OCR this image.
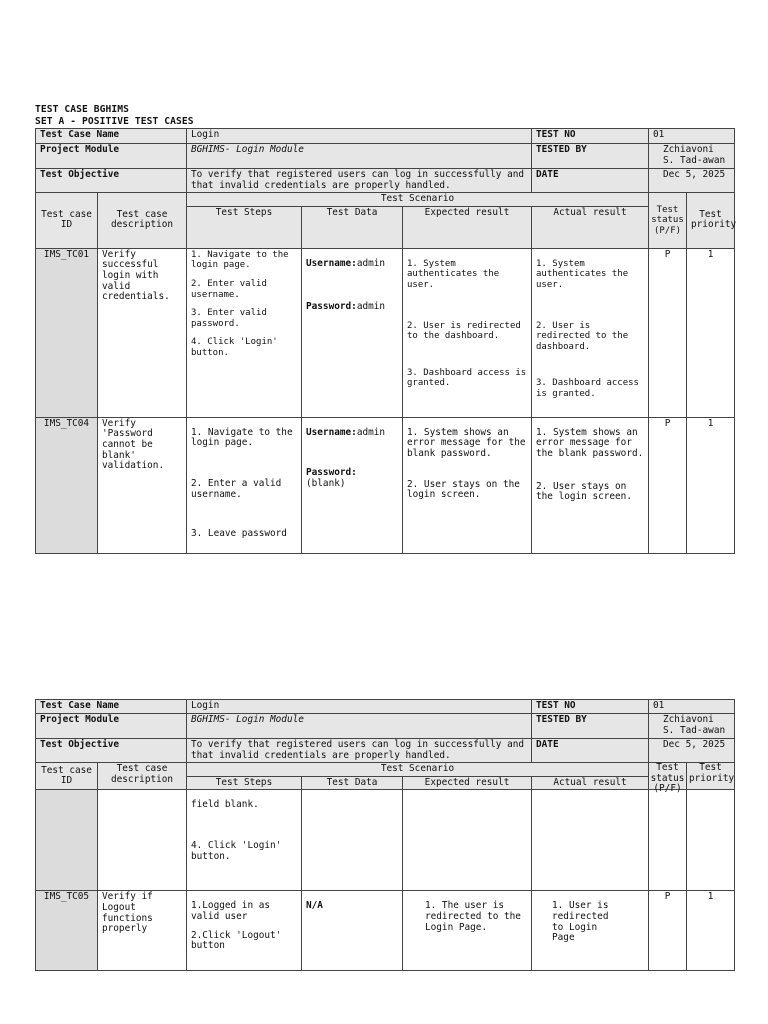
TEST CASE BGHIMS
SET A - POSITIVE TEST CASES
Test Case Name		Login			TEST NO	01	
Project Module		BGHIMS- Login Module			TESTED BY	Zchiavoni S. Tad-awan	
Test Objective		To verify that registered users can log in successfully and that invalid credentials are properly handled.			DATE	Dec 5, 2025	
Test case ID	Test case description	Test Scenario				Test status (P/F)	Test priority
		Test Steps	Test Data	Expected result	Actual result		
IMS_TC01	Verify successful login with valid credentials.	1. Navigate to the login page.
2. Enter valid username.
3. Enter valid password.
4. Click 'Login' button.	Username:admin
Password:admin	1. System authenticates the user.
2. User is redirected to the dashboard.
3. Dashboard access is granted.	1. System authenticates the user.
2. User is redirected to the dashboard.
3. Dashboard access is granted.	P	1
IMS_TC04	Verify 'Password cannot be blank' validation.	1. Navigate to the login page.
2. Enter a valid username.
3. Leave password	Username:admin
Password:
(blank)	1. System shows an error message for the blank password.
2. User stays on the login screen.	1. System shows an error message for the blank password.
2. User stays on the login screen.	P	1
Test Case Name		Login			TEST NO	01	
Project Module		BGHIMS- Login Module			TESTED BY	Zchiavoni S. Tad-awan	
Test Objective		To verify that registered users can log in successfully and that invalid credentials are properly handled.			DATE	Dec 5, 2025	
Test case ID	Test case description	Test Scenario				Test status (P/F)	Test priority

		Test Steps	Test Data	Expected result	Actual result		

		field blank.
4. Click 'Login' button.					

IMS_TC05	Verify if Logout functions properly	1.Logged in as valid user
2.Click 'Logout' button	N/A	1. The user is redirected to the Login Page.	1. User is redirected to Login Page	P	1
